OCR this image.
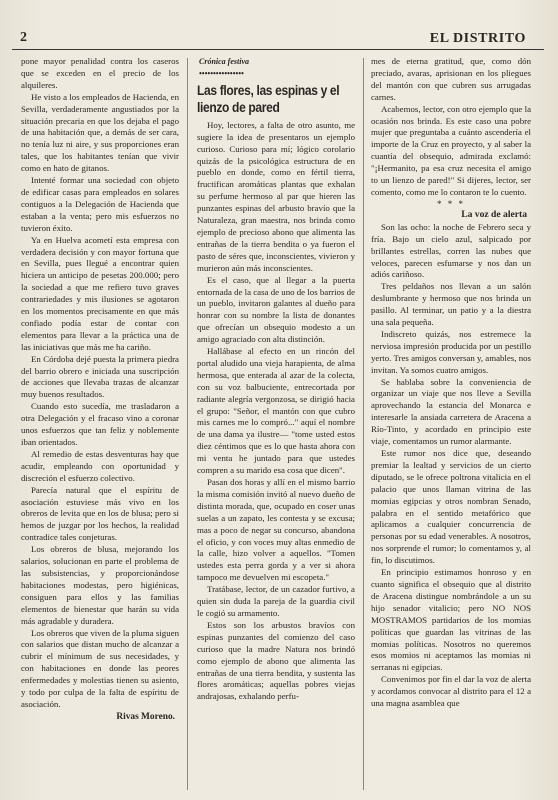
2	EL DISTRITO

pone mayor penalidad contra los caseros que se exceden en el precio de los alquileres.

He visto a los empleados de Hacienda, en Sevilla, verdaderamente angustiados por la situación precaria en que los dejaba el pago de una habitación que, a demás de ser cara, no tenía luz ni aire, y sus proporciones eran tales, que los habitantes tenían que vivir como en hato de gitanos.

Intenté formar una sociedad con objeto de edificar casas para empleados en solares contiguos a la Delegación de Hacienda que estaban a la venta; pero mis esfuerzos no tuvieron éxito.

Ya en Huelva acometí esta empresa con verdadera decisión y con mayor fortuna que en Sevilla, pues llegué a encontrar quien hiciera un anticipo de pesetas 200.000; pero la sociedad a que me refiero tuvo graves contrariedades y mis ilusiones se agotaron en los momentos precisamente en que más confiado podía estar de contar con elementos para llevar a la práctica una de las iniciativas que más me ha cariño.

En Córdoba dejé puesta la primera piedra del barrio obrero e iniciada una suscripción de acciones que llevaba trazas de alcanzar muy buenos resultados.

Cuando esto sucedía, me trasladaron a otra Delegación y el fracaso vino a coronar unos esfuerzos que tan feliz y noblemente iban orientados.

Al remedio de estas desventuras hay que acudir, empleando con oportunidad y discreción el esfuerzo colectivo.

Parecía natural que el espíritu de asociación estuviese más vivo en los obreros de levita que en los de blusa; pero si hemos de juzgar por los hechos, la realidad contradice tales conjeturas.

Los obreros de blusa, mejorando los salarios, solucionan en parte el problema de las subsistencias, y proporcionándose habitaciones modestas, pero higiénicas, consiguen para ellos y las familias elementos de bienestar que harán su vida más agradable y duradera.

Los obreros que viven de la pluma siguen con salarios que distan mucho de alcanzar a cubrir el mínimum de sus necesidades, y con habitaciones en donde las peores enfermedades y molestias tienen su asiento, y todo por culpa de la falta de espíritu de asociación.

Rivas Moreno.
Crónica festiva
••••••••••••••••
Las flores, las espinas y el lienzo de pared

Hoy, lectores, a falta de otro asunto, me sugiere la idea de presentaros un ejemplo curioso. Curioso para mí; lógico corolario quizás de la psicológica estructura de en pueblo en donde, como en fértil tierra, fructifican aromáticas plantas que exhalan su perfume hermoso al par que hieren las punzantes espinas del arbusto bravío que la Naturaleza, gran maestra, nos brinda como ejemplo de precioso abono que alimenta las entrañas de la tierra bendita o ya fueron el pasto de séres que, inconscientes, vivieron y murieron aún más inconscientes.

Es el caso, que al llegar a la puerta entornada de la casa de uno de los barrios de un pueblo, invitaron galantes al dueño para honrar con su nombre la lista de donantes que ofrecían un obsequio modesto a un amigo agraciado con alta distinción.

Hallábase al efecto en un rincón del portal aludido una vieja harapienta, de alma hermosa, que enterada al azar de la colecta, con su voz balbuciente, entrecortada por radiante alegría vergonzosa, se dirigió hacia el grupo: "Señor, el mantón con que cubro mis carnes me lo compró..." aquí el nombre de una dama ya ilustre— "tome usted estos diez céntimos que es lo que hasta ahora con mi venta he juntado para que ustedes compren a su marido esa cosa que dicen".

Pasan dos horas y allí en el mismo barrio la misma comisión invitó al nuevo dueño de distinta morada, que, ocupado en coser unas suelas a un zapato, les contesta y se excusa; mas a poco de negar su concurso, abandona el oficio, y con voces muy altas enmedio de la calle, hizo volver a aquellos. "Tomen ustedes esta perra gorda y a ver si ahora tampoco me devuelven mi escopeta."

Tratábase, lector, de un cazador furtivo, a quien sin duda la pareja de la guardia civil le cogió su armamento.

Estos son los arbustos bravíos con espinas punzantes del comienzo del caso curioso que la madre Natura nos brindó como ejemplo de abono que alimenta las entrañas de una tierra bendita, y sustenta las flores aromáticas; aquellas pobres viejas andrajosas, exhalando perfu-

mes de eterna gratitud, que, como dón preciado, avaras, aprisionan en los pliegues del mantón con que cubren sus arrugadas carnes.

Acabemos, lector, con otro ejemplo que la ocasión nos brinda. Es este caso una pobre mujer que preguntaba a cuánto ascendería el importe de la Cruz en proyecto, y al saber la cuantía del obsequio, admirada exclamó: "¡Hermanito, pa esa cruz necesita el amigo to un lienzo de pared!" Si dijeres, lector, ser comento, como me lo contaron te lo cuento.

* * *
La voz de alerta

Son las ocho: la noche de Febrero seca y fría. Bajo un cielo azul, salpicado por brillantes estrellas, corren las nubes que veloces, parecen esfumarse y nos dan un adiós cariñoso.

Tres peldaños nos llevan a un salón deslumbrante y hermoso que nos brinda un pasillo. Al terminar, un patio y a la diestra una sala pequeña.

Indiscreto quizás, nos estremece la nerviosa impresión producida por un pestillo yerto. Tres amigos conversan y, amables, nos invitan. Ya somos cuatro amigos.

Se hablaba sobre la conveniencia de organizar un viaje que nos lleve a Sevilla aprovechando la estancia del Monarca e interesarle la ansiada carretera de Aracena a Río-Tinto, y acordado en principio este viaje, comentamos un rumor alarmante.

Este rumor nos dice que, deseando premiar la lealtad y servicios de un cierto diputado, se le ofrece poltrona vitalicia en el palacio que unos llaman vitrina de las momias egipcias y otros nombran Senado, palabra en el sentido metafórico que aplicamos a cualquier concurrencia de personas por su edad venerables. A nosotros, nos sorprende el rumor; lo comentamos y, al fin, lo discutimos.

En principio estimamos honroso y en cuanto significa el obsequio que al distrito de Aracena distingue nombrándole a un su hijo senador vitalicio; pero NO NOS MOSTRAMOS partidarios de los momias políticas que guardan las vitrinas de las momias políticas. Nosotros no queremos esos momios ni aceptamos las momias ni serranas ni egipcias.

Convenimos por fin el dar la voz de alerta y acordamos convocar al distrito para el 12 a una magna asamblea que
